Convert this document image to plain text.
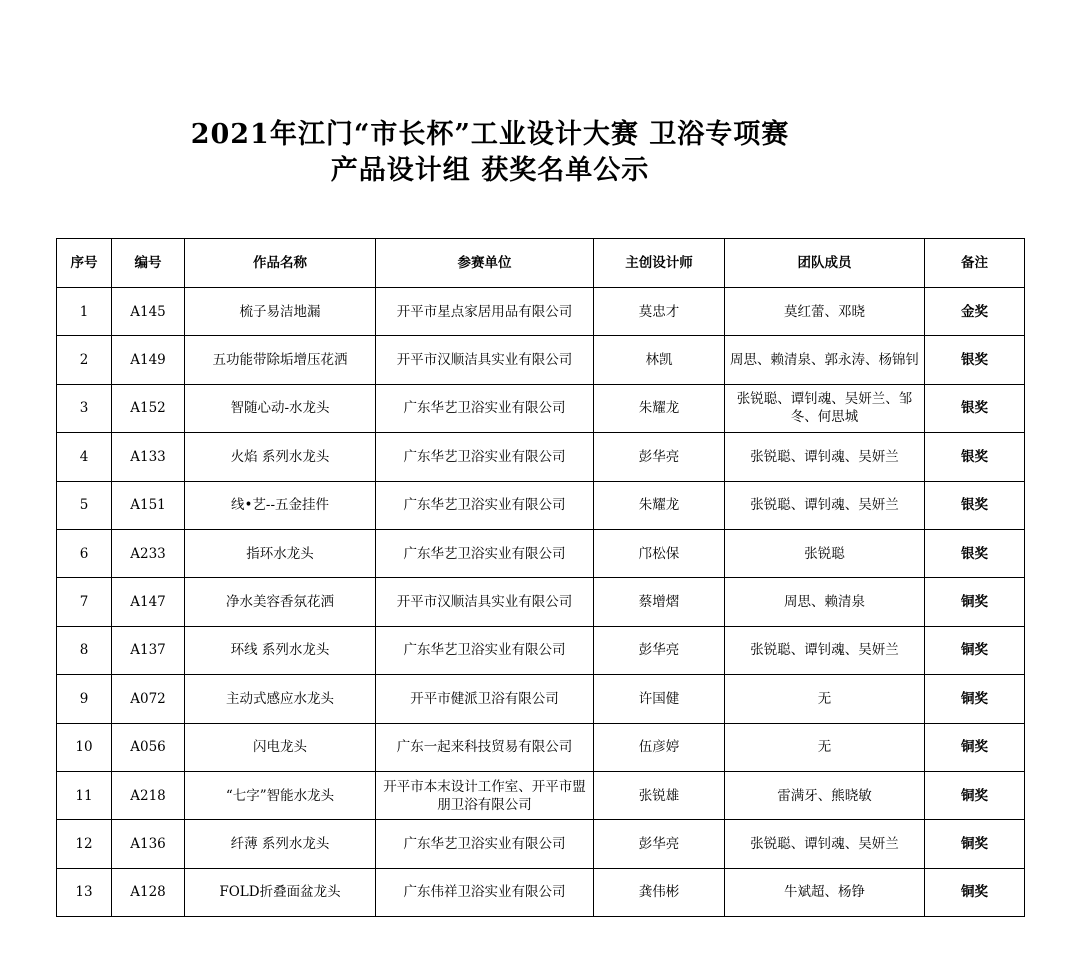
2021年江门“市长杯”工业设计大赛 卫浴专项赛
产品设计组 获奖名单公示
序号	编号	作品名称	参赛单位	主创设计师	团队成员	备注
1	A145	梳子易洁地漏	开平市星点家居用品有限公司	莫忠才	莫红蕾、邓晓	金奖
2	A149	五功能带除垢增压花洒	开平市汉顺洁具实业有限公司	林凯	周思、赖清泉、郭永涛、杨锦钊	银奖
3	A152	智随心动-水龙头	广东华艺卫浴实业有限公司	朱耀龙	张锐聪、谭钊魂、吴妍兰、邹冬、何思城	银奖
4	A133	火焰 系列水龙头	广东华艺卫浴实业有限公司	彭华亮	张锐聪、谭钊魂、吴妍兰	银奖
5	A151	线•艺--五金挂件	广东华艺卫浴实业有限公司	朱耀龙	张锐聪、谭钊魂、吴妍兰	银奖
6	A233	指环水龙头	广东华艺卫浴实业有限公司	邝松保	张锐聪	银奖
7	A147	净水美容香氛花洒	开平市汉顺洁具实业有限公司	蔡增熠	周思、赖清泉	铜奖
8	A137	环线 系列水龙头	广东华艺卫浴实业有限公司	彭华亮	张锐聪、谭钊魂、吴妍兰	铜奖
9	A072	主动式感应水龙头	开平市健派卫浴有限公司	许国健	无	铜奖
10	A056	闪电龙头	广东一起来科技贸易有限公司	伍彦婷	无	铜奖
11	A218	“七字”智能水龙头	开平市本末设计工作室、开平市盟朋卫浴有限公司	张锐雄	雷满牙、熊晓敏	铜奖
12	A136	纤薄 系列水龙头	广东华艺卫浴实业有限公司	彭华亮	张锐聪、谭钊魂、吴妍兰	铜奖
13	A128	FOLD折叠面盆龙头	广东伟祥卫浴实业有限公司	龚伟彬	牛斌超、杨铮	铜奖
